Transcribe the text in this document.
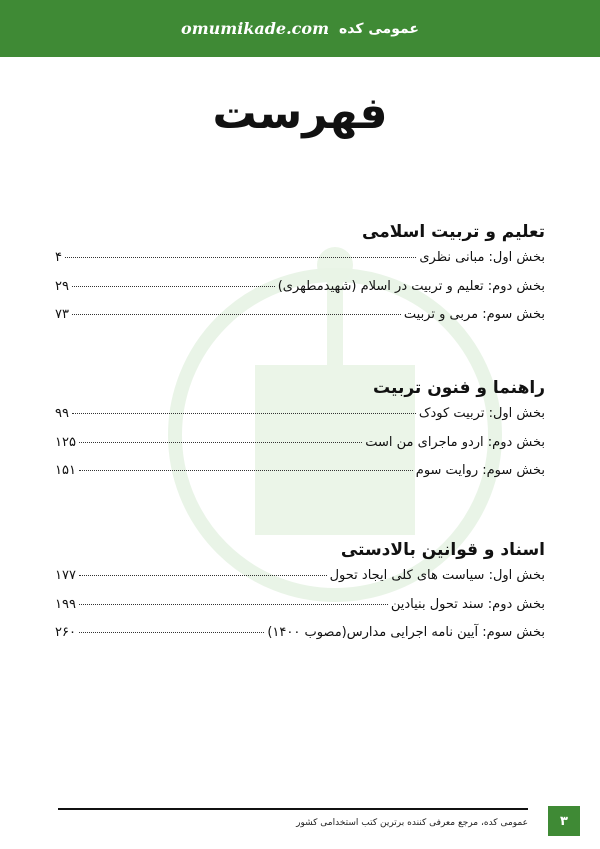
omumikade.com عمومی کده
فهرست
تعلیم و تربیت اسلامی
بخش اول: مبانی نظری
۴
بخش دوم: تعلیم و تربیت در اسلام (شهیدمطهری)
۲۹
بخش سوم: مربی و تربیت
۷۳
راهنما و فنون تربیت
بخش اول: تربیت کودک
۹۹
بخش دوم: اردو ماجرای من است
۱۲۵
بخش سوم: روایت سوم
۱۵۱
اسناد و قوانین بالادستی
بخش اول: سیاست های کلی ایجاد تحول
۱۷۷
بخش دوم: سند تحول بنیادین
۱۹۹
بخش سوم: آیین نامه اجرایی مدارس(مصوب ۱۴۰۰)
۲۶۰
عمومی کده، مرجع معرفی کننده برترین کتب استخدامی کشور	۳
